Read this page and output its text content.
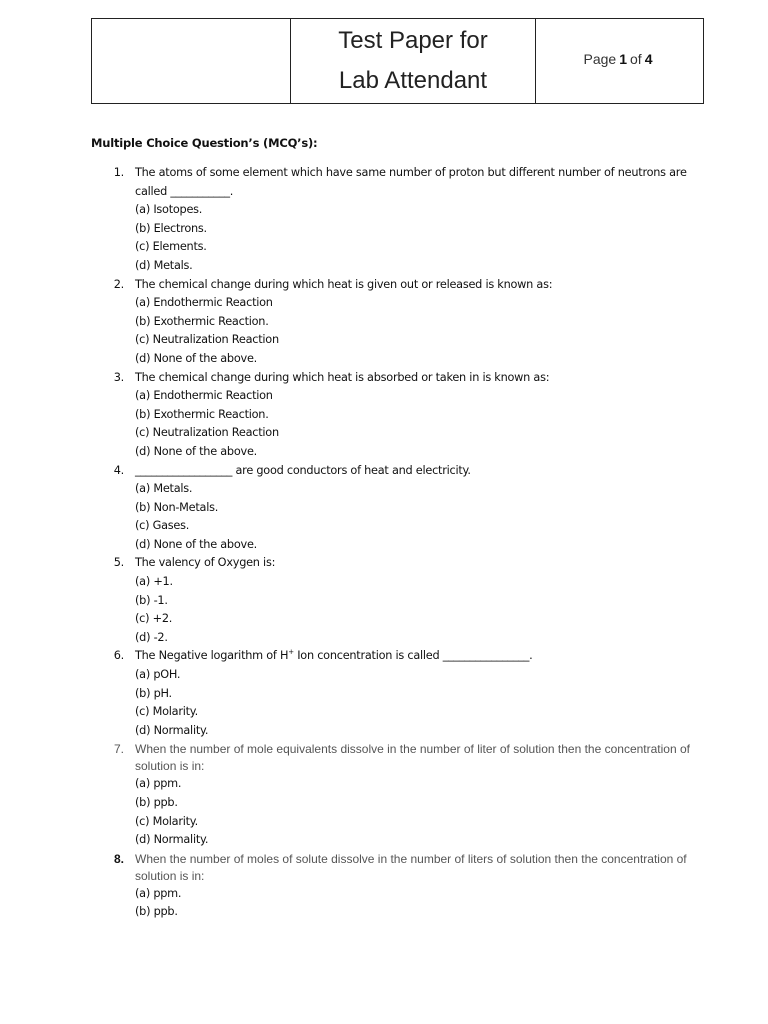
Test Paper for
Lab Attendant
Page 1 of 4
Multiple Choice Question’s (MCQ’s):
1. The atoms of some element which have same number of proton but different number of neutrons are called ___________.
(a) Isotopes.
(b) Electrons.
(c) Elements.
(d) Metals.
2. The chemical change during which heat is given out or released is known as:
(a) Endothermic Reaction
(b) Exothermic Reaction.
(c) Neutralization Reaction
(d) None of the above.
3. The chemical change during which heat is absorbed or taken in is known as:
(a) Endothermic Reaction
(b) Exothermic Reaction.
(c) Neutralization Reaction
(d) None of the above.
4. __________________ are good conductors of heat and electricity.
(a) Metals.
(b) Non-Metals.
(c) Gases.
(d) None of the above.
5. The valency of Oxygen is:
(a) +1.
(b) -1.
(c) +2.
(d) -2.
6. The Negative logarithm of H+ Ion concentration is called ________________.
(a) pOH.
(b) pH.
(c) Molarity.
(d) Normality.
7. When the number of mole equivalents dissolve in the number of liter of solution then the concentration of solution is in:
(a) ppm.
(b) ppb.
(c) Molarity.
(d) Normality.
8. When the number of moles of solute dissolve in the number of liters of solution then the concentration of solution is in:
(a) ppm.
(b) ppb.
